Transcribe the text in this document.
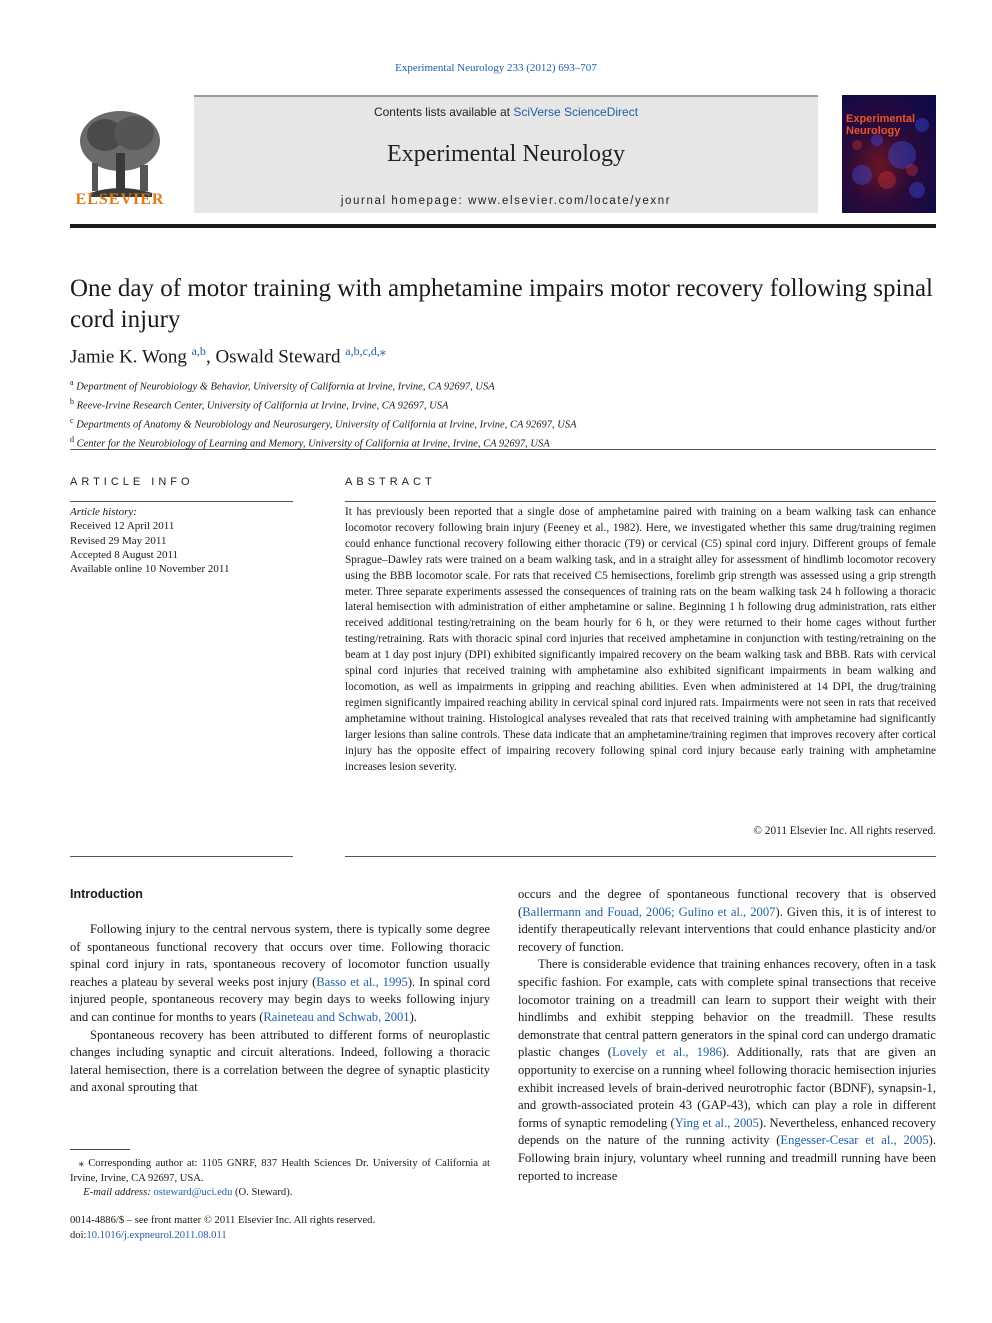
Experimental Neurology 233 (2012) 693–707
ELSEVIER
Contents lists available at SciVerse ScienceDirect
Experimental Neurology
journal homepage: www.elsevier.com/locate/yexnr
Experimental Neurology
One day of motor training with amphetamine impairs motor recovery following spinal cord injury
Jamie K. Wong $^{a,b}$, Oswald Steward $^{a,b,c,d,⁎}$
$^a$ Department of Neurobiology & Behavior, University of California at Irvine, Irvine, CA 92697, USA
$^b$ Reeve-Irvine Research Center, University of California at Irvine, Irvine, CA 92697, USA
$^c$ Departments of Anatomy & Neurobiology and Neurosurgery, University of California at Irvine, Irvine, CA 92697, USA
$^d$ Center for the Neurobiology of Learning and Memory, University of California at Irvine, Irvine, CA 92697, USA
ARTICLE INFO
Article history:
Received 12 April 2011
Revised 29 May 2011
Accepted 8 August 2011
Available online 10 November 2011
ABSTRACT
It has previously been reported that a single dose of amphetamine paired with training on a beam walking task can enhance locomotor recovery following brain injury (Feeney et al., 1982). Here, we investigated whether this same drug/training regimen could enhance functional recovery following either thoracic (T9) or cervical (C5) spinal cord injury. Different groups of female Sprague–Dawley rats were trained on a beam walking task, and in a straight alley for assessment of hindlimb locomotor recovery using the BBB locomotor scale. For rats that received C5 hemisections, forelimb grip strength was assessed using a grip strength meter. Three separate experiments assessed the consequences of training rats on the beam walking task 24 h following a thoracic lateral hemisection with administration of either amphetamine or saline. Beginning 1 h following drug administration, rats either received additional testing/retraining on the beam hourly for 6 h, or they were returned to their home cages without further testing/retraining. Rats with thoracic spinal cord injuries that received amphetamine in conjunction with testing/retraining on the beam at 1 day post injury (DPI) exhibited significantly impaired recovery on the beam walking task and BBB. Rats with cervical spinal cord injuries that received training with amphetamine also exhibited significant impairments in beam walking and locomotion, as well as impairments in gripping and reaching abilities. Even when administered at 14 DPI, the drug/training regimen significantly impaired reaching ability in cervical spinal cord injured rats. Impairments were not seen in rats that received amphetamine without training. Histological analyses revealed that rats that received training with amphetamine had significantly larger lesions than saline controls. These data indicate that an amphetamine/training regimen that improves recovery after cortical injury has the opposite effect of impairing recovery following spinal cord injury because early training with amphetamine increases lesion severity.
© 2011 Elsevier Inc. All rights reserved.
Introduction

Following injury to the central nervous system, there is typically some degree of spontaneous functional recovery that occurs over time. Following thoracic spinal cord injury in rats, spontaneous recovery of locomotor function usually reaches a plateau by several weeks post injury (Basso et al., 1995). In spinal cord injured people, spontaneous recovery may begin days to weeks following injury and can continue for months to years (Raineteau and Schwab, 2001).

Spontaneous recovery has been attributed to different forms of neuroplastic changes including synaptic and circuit alterations. Indeed, following a thoracic lateral hemisection, there is a correlation between the degree of synaptic plasticity and axonal sprouting that

occurs and the degree of spontaneous functional recovery that is observed (Ballermann and Fouad, 2006; Gulino et al., 2007). Given this, it is of interest to identify therapeutically relevant interventions that could enhance plasticity and/or recovery of function.

There is considerable evidence that training enhances recovery, often in a task specific fashion. For example, cats with complete spinal transections that receive locomotor training on a treadmill can learn to support their weight with their hindlimbs and exhibit stepping behavior on the treadmill. These results demonstrate that central pattern generators in the spinal cord can undergo dramatic plastic changes (Lovely et al., 1986). Additionally, rats that are given an opportunity to exercise on a running wheel following thoracic hemisection injuries exhibit increased levels of brain-derived neurotrophic factor (BDNF), synapsin-1, and growth-associated protein 43 (GAP-43), which can play a role in different forms of synaptic remodeling (Ying et al., 2005). Nevertheless, enhanced recovery depends on the nature of the running activity (Engesser-Cesar et al., 2005). Following brain injury, voluntary wheel running and treadmill running have been reported to increase

⁎ Corresponding author at: 1105 GNRF, 837 Health Sciences Dr. University of California at Irvine, Irvine, CA 92697, USA.
E-mail address: osteward@uci.edu (O. Steward).
0014-4886/$ – see front matter © 2011 Elsevier Inc. All rights reserved.
doi:10.1016/j.expneurol.2011.08.011
